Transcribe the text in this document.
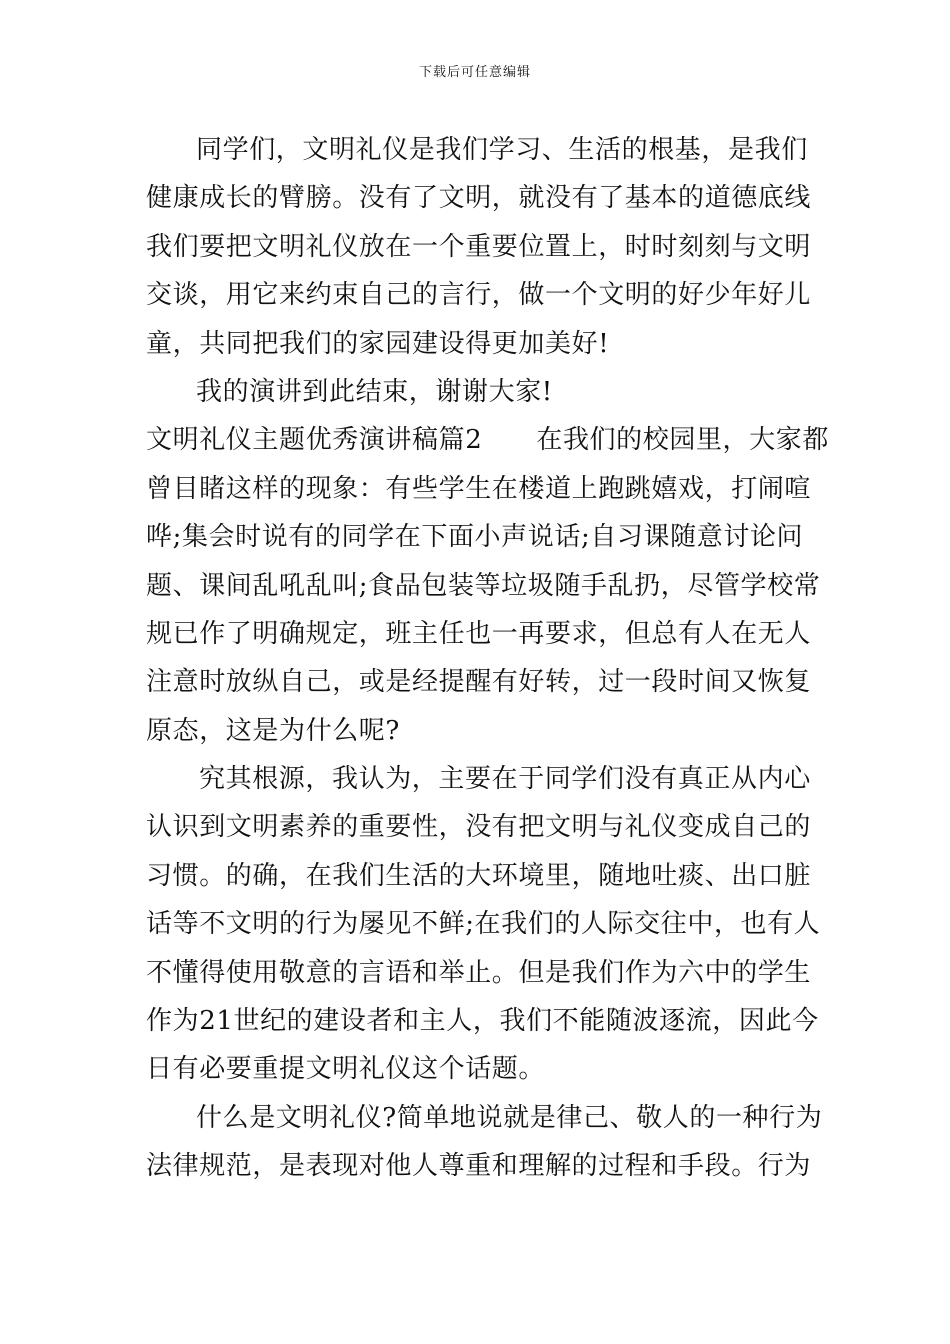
下载后可任意编辑
同学们，文明礼仪是我们学习、生活的根基，是我们
健康成长的臂膀。没有了文明，就没有了基本的道德底线
我们要把文明礼仪放在一个重要位置上，时时刻刻与文明
交谈，用它来约束自己的言行，做一个文明的好少年好儿
童，共同把我们的家园建设得更加美好!
我的演讲到此结束，谢谢大家!
文明礼仪主题优秀演讲稿篇2 在我们的校园里，大家都
曾目睹这样的现象：有些学生在楼道上跑跳嬉戏，打闹喧
哗;集会时说有的同学在下面小声说话;自习课随意讨论问
题、课间乱吼乱叫;食品包装等垃圾随手乱扔，尽管学校常
规已作了明确规定，班主任也一再要求，但总有人在无人
注意时放纵自己，或是经提醒有好转，过一段时间又恢复
原态，这是为什么呢?
究其根源，我认为，主要在于同学们没有真正从内心
认识到文明素养的重要性，没有把文明与礼仪变成自己的
习惯。的确，在我们生活的大环境里，随地吐痰、出口脏
话等不文明的行为屡见不鲜;在我们的人际交往中，也有人
不懂得使用敬意的言语和举止。但是我们作为六中的学生
作为21世纪的建设者和主人，我们不能随波逐流，因此今
日有必要重提文明礼仪这个话题。
什么是文明礼仪?简单地说就是律己、敬人的一种行为
法律规范，是表现对他人尊重和理解的过程和手段。行为
